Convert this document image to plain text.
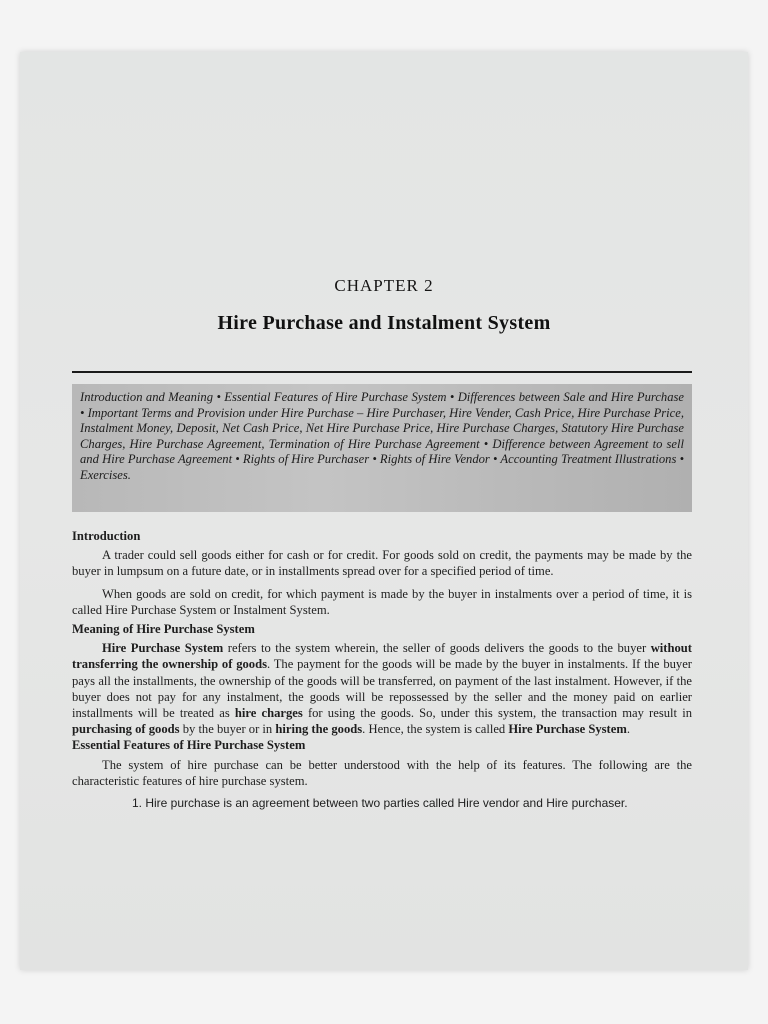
CHAPTER 2
Hire Purchase and Instalment System
Introduction and Meaning • Essential Features of Hire Purchase System • Differences between Sale and Hire Purchase • Important Terms and Provision under Hire Purchase – Hire Purchaser, Hire Vender, Cash Price, Hire Purchase Price, Instalment Money, Deposit, Net Cash Price, Net Hire Purchase Price, Hire Purchase Charges, Statutory Hire Purchase Charges, Hire Purchase Agreement, Termination of Hire Purchase Agreement • Difference between Agreement to sell and Hire Purchase Agreement • Rights of Hire Purchaser • Rights of Hire Vendor • Accounting Treatment Illustrations • Exercises.
Introduction

A trader could sell goods either for cash or for credit. For goods sold on credit, the payments may be made by the buyer in lumpsum on a future date, or in installments spread over for a specified period of time.

When goods are sold on credit, for which payment is made by the buyer in instalments over a period of time, it is called Hire Purchase System or Instalment System.

Meaning of Hire Purchase System

Hire Purchase System refers to the system wherein, the seller of goods delivers the goods to the buyer without transferring the ownership of goods. The payment for the goods will be made by the buyer in instalments. If the buyer pays all the installments, the ownership of the goods will be transferred, on payment of the last instalment. However, if the buyer does not pay for any instalment, the goods will be repossessed by the seller and the money paid on earlier installments will be treated as hire charges for using the goods. So, under this system, the transaction may result in purchasing of goods by the buyer or in hiring the goods. Hence, the system is called Hire Purchase System.

Essential Features of Hire Purchase System

The system of hire purchase can be better understood with the help of its features. The following are the characteristic features of hire purchase system.

1. Hire purchase is an agreement between two parties called Hire vendor and Hire purchaser.
